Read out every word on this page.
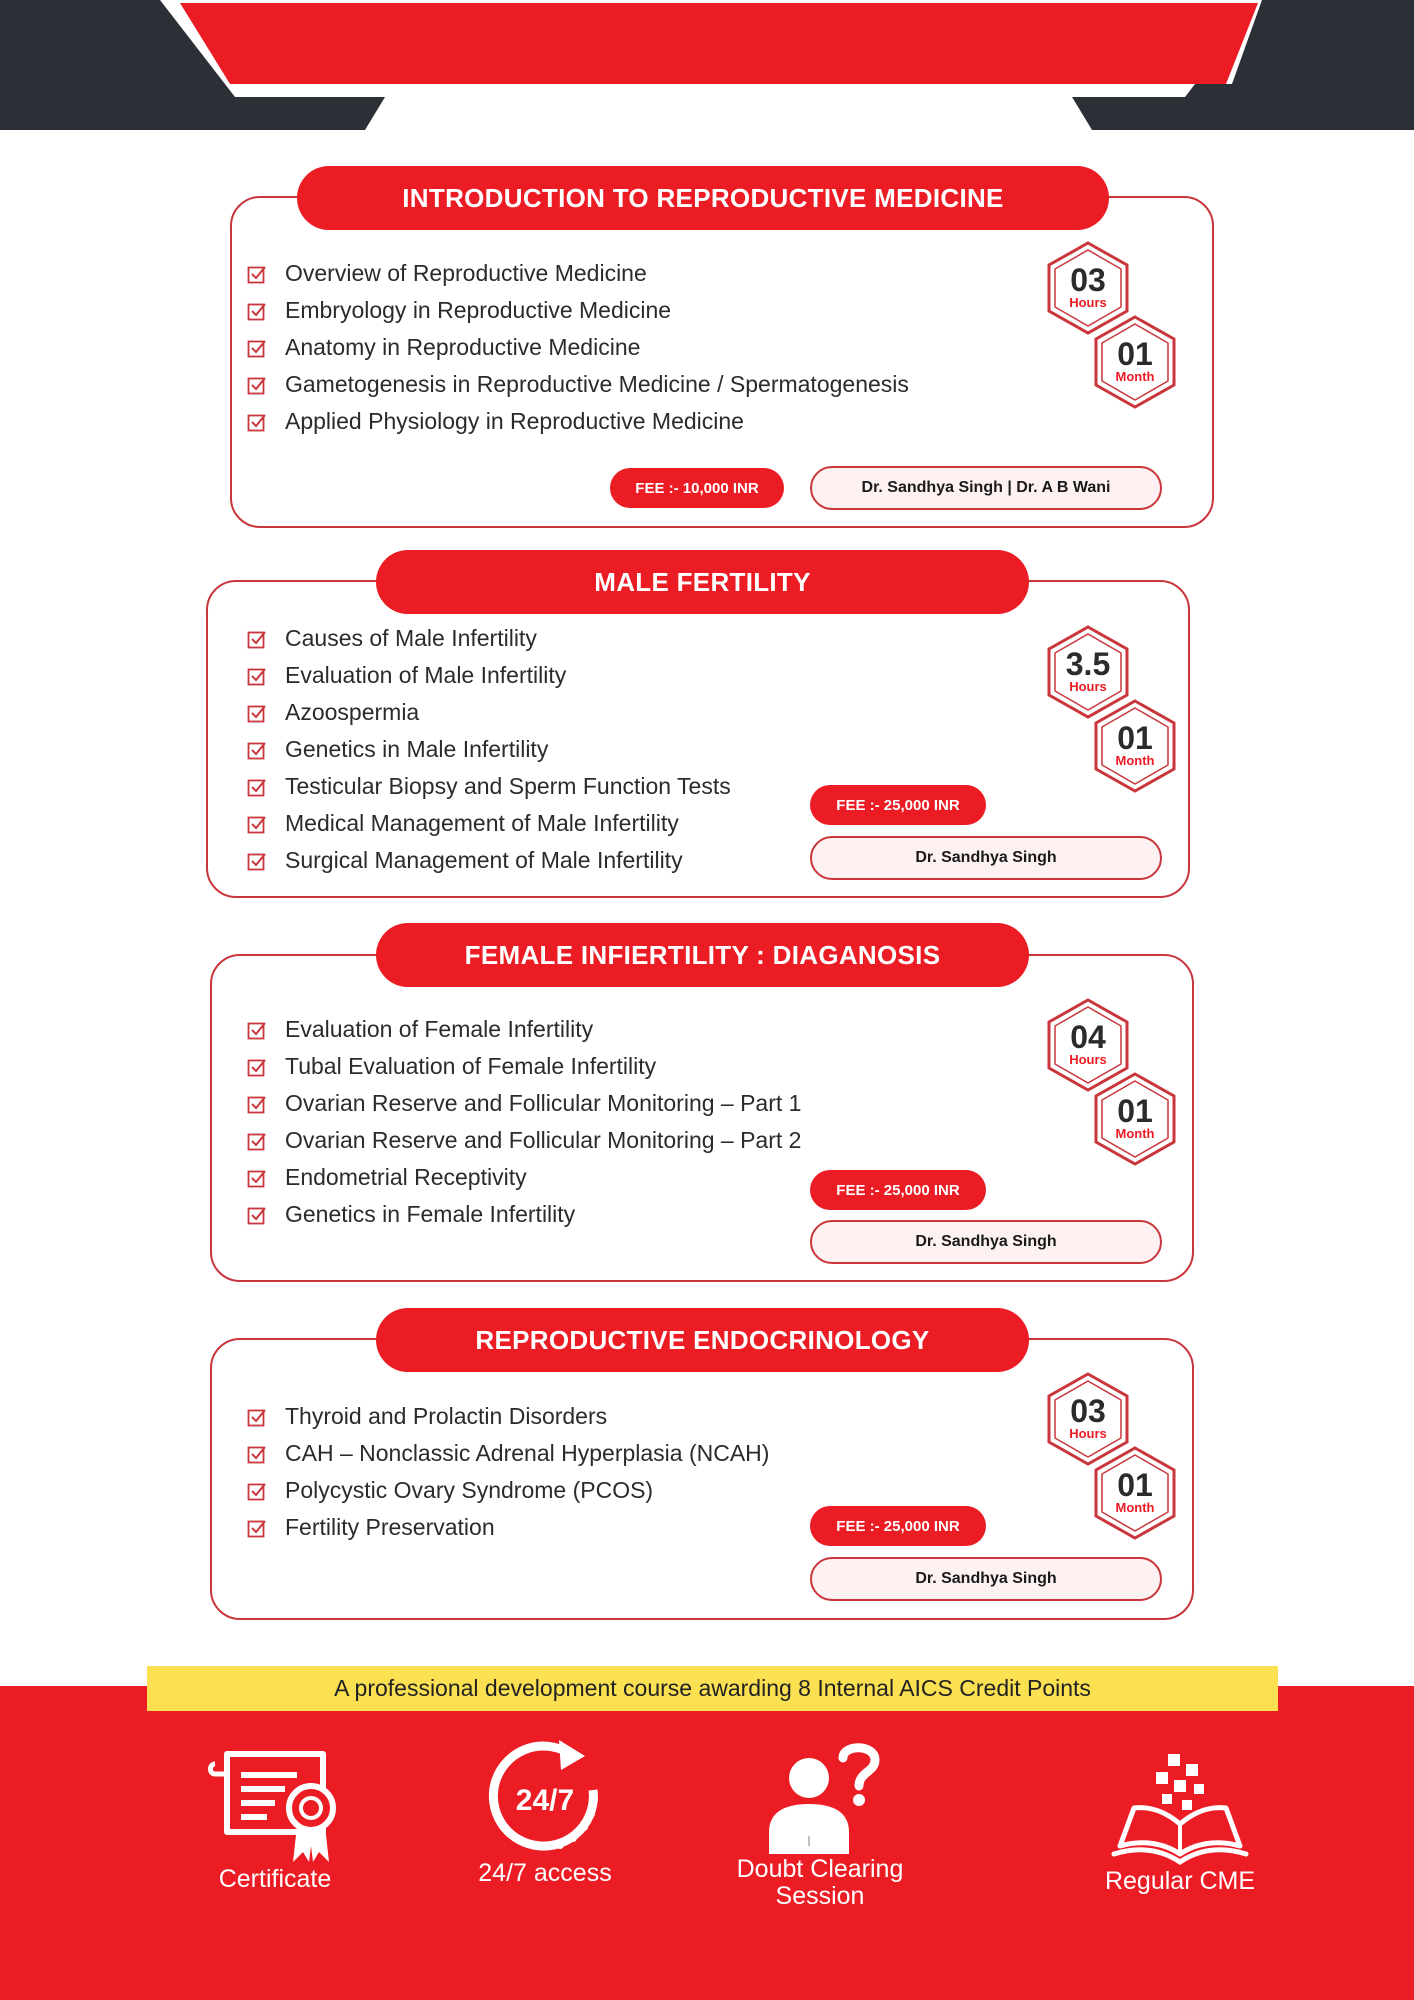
INTRODUCTION TO REPRODUCTIVE MEDICINE
Overview of Reproductive Medicine
Embryology in Reproductive Medicine
Anatomy in Reproductive Medicine
Gametogenesis in Reproductive Medicine / Spermatogenesis
Applied Physiology in Reproductive Medicine
03
Hours
01
Month
FEE :- 10,000 INR	Dr. Sandhya Singh | Dr. A B Wani
MALE FERTILITY
Causes of Male Infertility
Evaluation of Male Infertility
Azoospermia
Genetics in Male Infertility
Testicular Biopsy and Sperm Function Tests
Medical Management of Male Infertility
Surgical Management of Male Infertility
3.5
Hours
01
Month
FEE :- 25,000 INR
Dr. Sandhya Singh
FEMALE INFIERTILITY : DIAGANOSIS
Evaluation of Female Infertility
Tubal Evaluation of Female Infertility
Ovarian Reserve and Follicular Monitoring – Part 1
Ovarian Reserve and Follicular Monitoring – Part 2
Endometrial Receptivity
Genetics in Female Infertility
04
Hours
01
Month
FEE :- 25,000 INR
Dr. Sandhya Singh
REPRODUCTIVE ENDOCRINOLOGY
Thyroid and Prolactin Disorders
CAH – Nonclassic Adrenal Hyperplasia (NCAH)
Polycystic Ovary Syndrome (PCOS)
Fertility Preservation
03
Hours
01
Month
FEE :- 25,000 INR
Dr. Sandhya Singh
A professional development course awarding 8 Internal AICS Credit Points
Certificate
24/7
24/7 access	Doubt Clearing
Session
Regular CME
